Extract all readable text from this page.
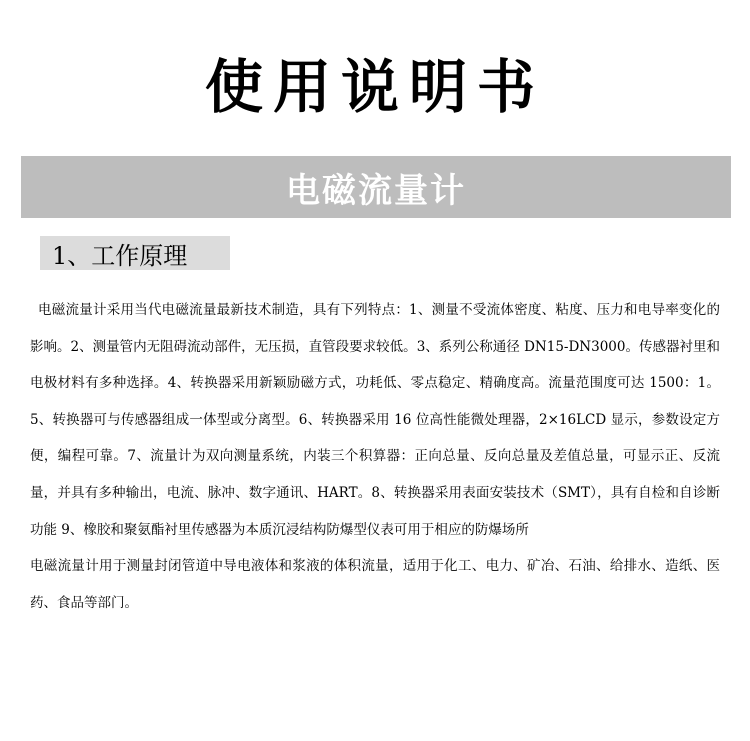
使用说明书
电磁流量计
1、工作原理

电磁流量计采用当代电磁流量最新技术制造，具有下列特点：1、测量不受流体密度、粘度、压力和电导率变化的影响。2、测量管内无阻碍流动部件，无压损，直管段要求较低。3、系列公称通径 DN15-DN3000。传感器衬里和电极材料有多种选择。4、转换器采用新颖励磁方式，功耗低、零点稳定、精确度高。流量范围度可达 1500：1。5、转换器可与传感器组成一体型或分离型。6、转换器采用 16 位高性能微处理器，2×16LCD 显示，参数设定方便，编程可靠。7、流量计为双向测量系统，内装三个积算器：正向总量、反向总量及差值总量，可显示正、反流量，并具有多种输出，电流、脉冲、数字通讯、HART。8、转换器采用表面安装技术（SMT），具有自检和自诊断功能 9、橡胶和聚氨酯衬里传感器为本质沉浸结构防爆型仪表可用于相应的防爆场所

电磁流量计用于测量封闭管道中导电液体和浆液的体积流量，适用于化工、电力、矿冶、石油、给排水、造纸、医药、食品等部门。
